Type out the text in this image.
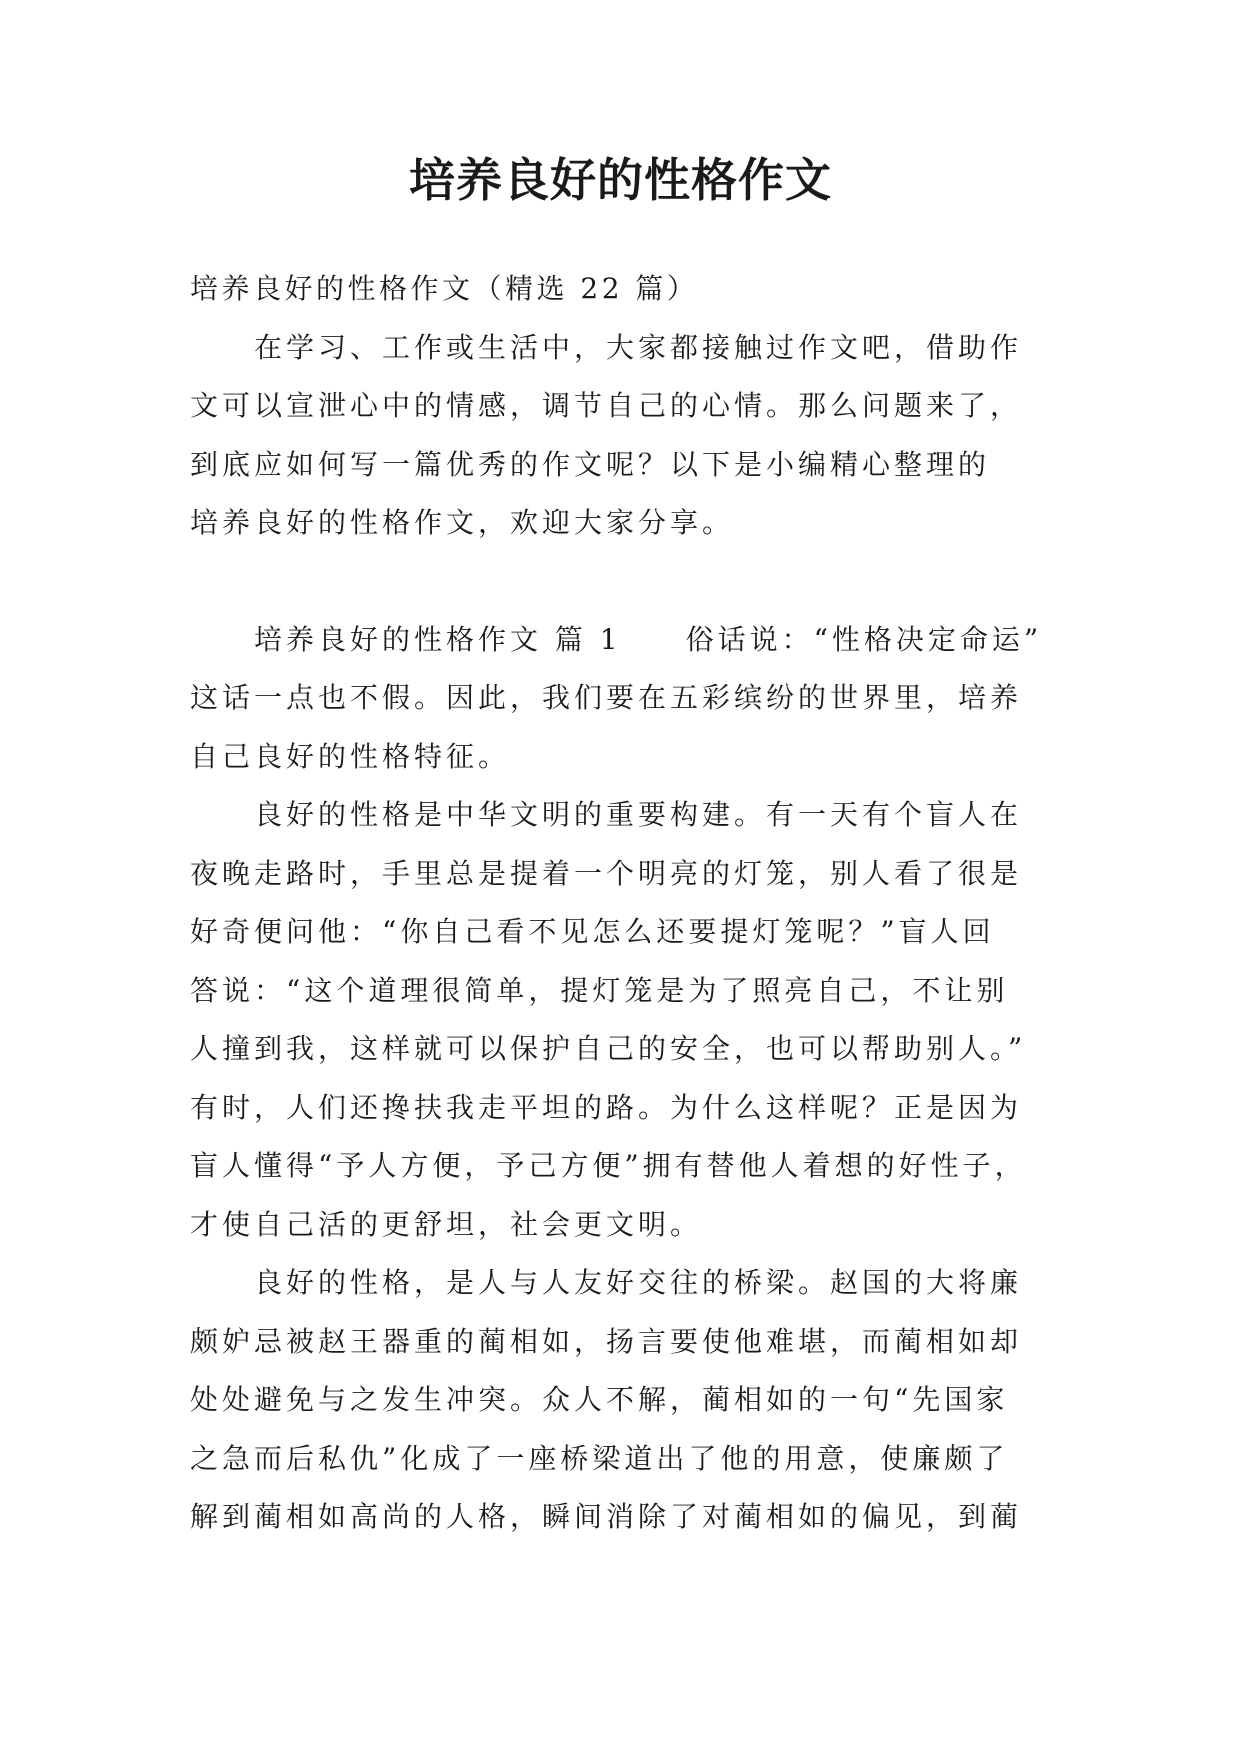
培养良好的性格作文

培养良好的性格作文（精选 22 篇）

　　在学习、工作或生活中，大家都接触过作文吧，借助作
文可以宣泄心中的情感，调节自己的心情。那么问题来了，
到底应如何写一篇优秀的作文呢？以下是小编精心整理的
培养良好的性格作文，欢迎大家分享。

　　培养良好的性格作文 篇 1　　俗话说：“性格决定命运”
这话一点也不假。因此，我们要在五彩缤纷的世界里，培养
自己良好的性格特征。

　　良好的性格是中华文明的重要构建。有一天有个盲人在
夜晚走路时，手里总是提着一个明亮的灯笼，别人看了很是
好奇便问他：“你自己看不见怎么还要提灯笼呢？”盲人回
答说：“这个道理很简单，提灯笼是为了照亮自己，不让别
人撞到我，这样就可以保护自己的安全，也可以帮助别人。”
有时，人们还搀扶我走平坦的路。为什么这样呢？正是因为
盲人懂得“予人方便，予己方便”拥有替他人着想的好性子，
才使自己活的更舒坦，社会更文明。

　　良好的性格，是人与人友好交往的桥梁。赵国的大将廉
颇妒忌被赵王器重的蔺相如，扬言要使他难堪，而蔺相如却
处处避免与之发生冲突。众人不解，蔺相如的一句“先国家
之急而后私仇”化成了一座桥梁道出了他的用意，使廉颇了
解到蔺相如高尚的人格，瞬间消除了对蔺相如的偏见，到蔺
